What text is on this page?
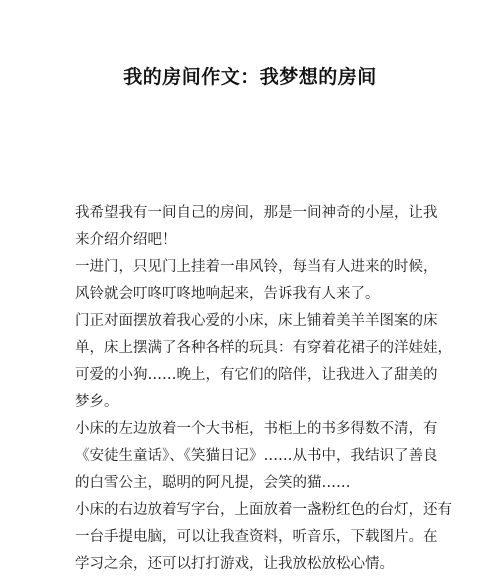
我的房间作文：我梦想的房间
我希望我有一间自己的房间，那是一间神奇的小屋，让我
来介绍介绍吧！
一进门，只见门上挂着一串风铃，每当有人进来的时候，
风铃就会叮咚叮咚地响起来，告诉我有人来了。
门正对面摆放着我心爱的小床，床上铺着美羊羊图案的床
单，床上摆满了各种各样的玩具：有穿着花裙子的洋娃娃，
可爱的小狗……晚上，有它们的陪伴，让我进入了甜美的
梦乡。
小床的左边放着一个大书柜，书柜上的书多得数不清，有
《安徒生童话》、《笑猫日记》……从书中，我结识了善良
的白雪公主，聪明的阿凡提，会笑的猫……
小床的右边放着写字台，上面放着一盏粉红色的台灯，还有
一台手提电脑，可以让我查资料，听音乐，下载图片。在
学习之余，还可以打打游戏，让我放松放松心情。
